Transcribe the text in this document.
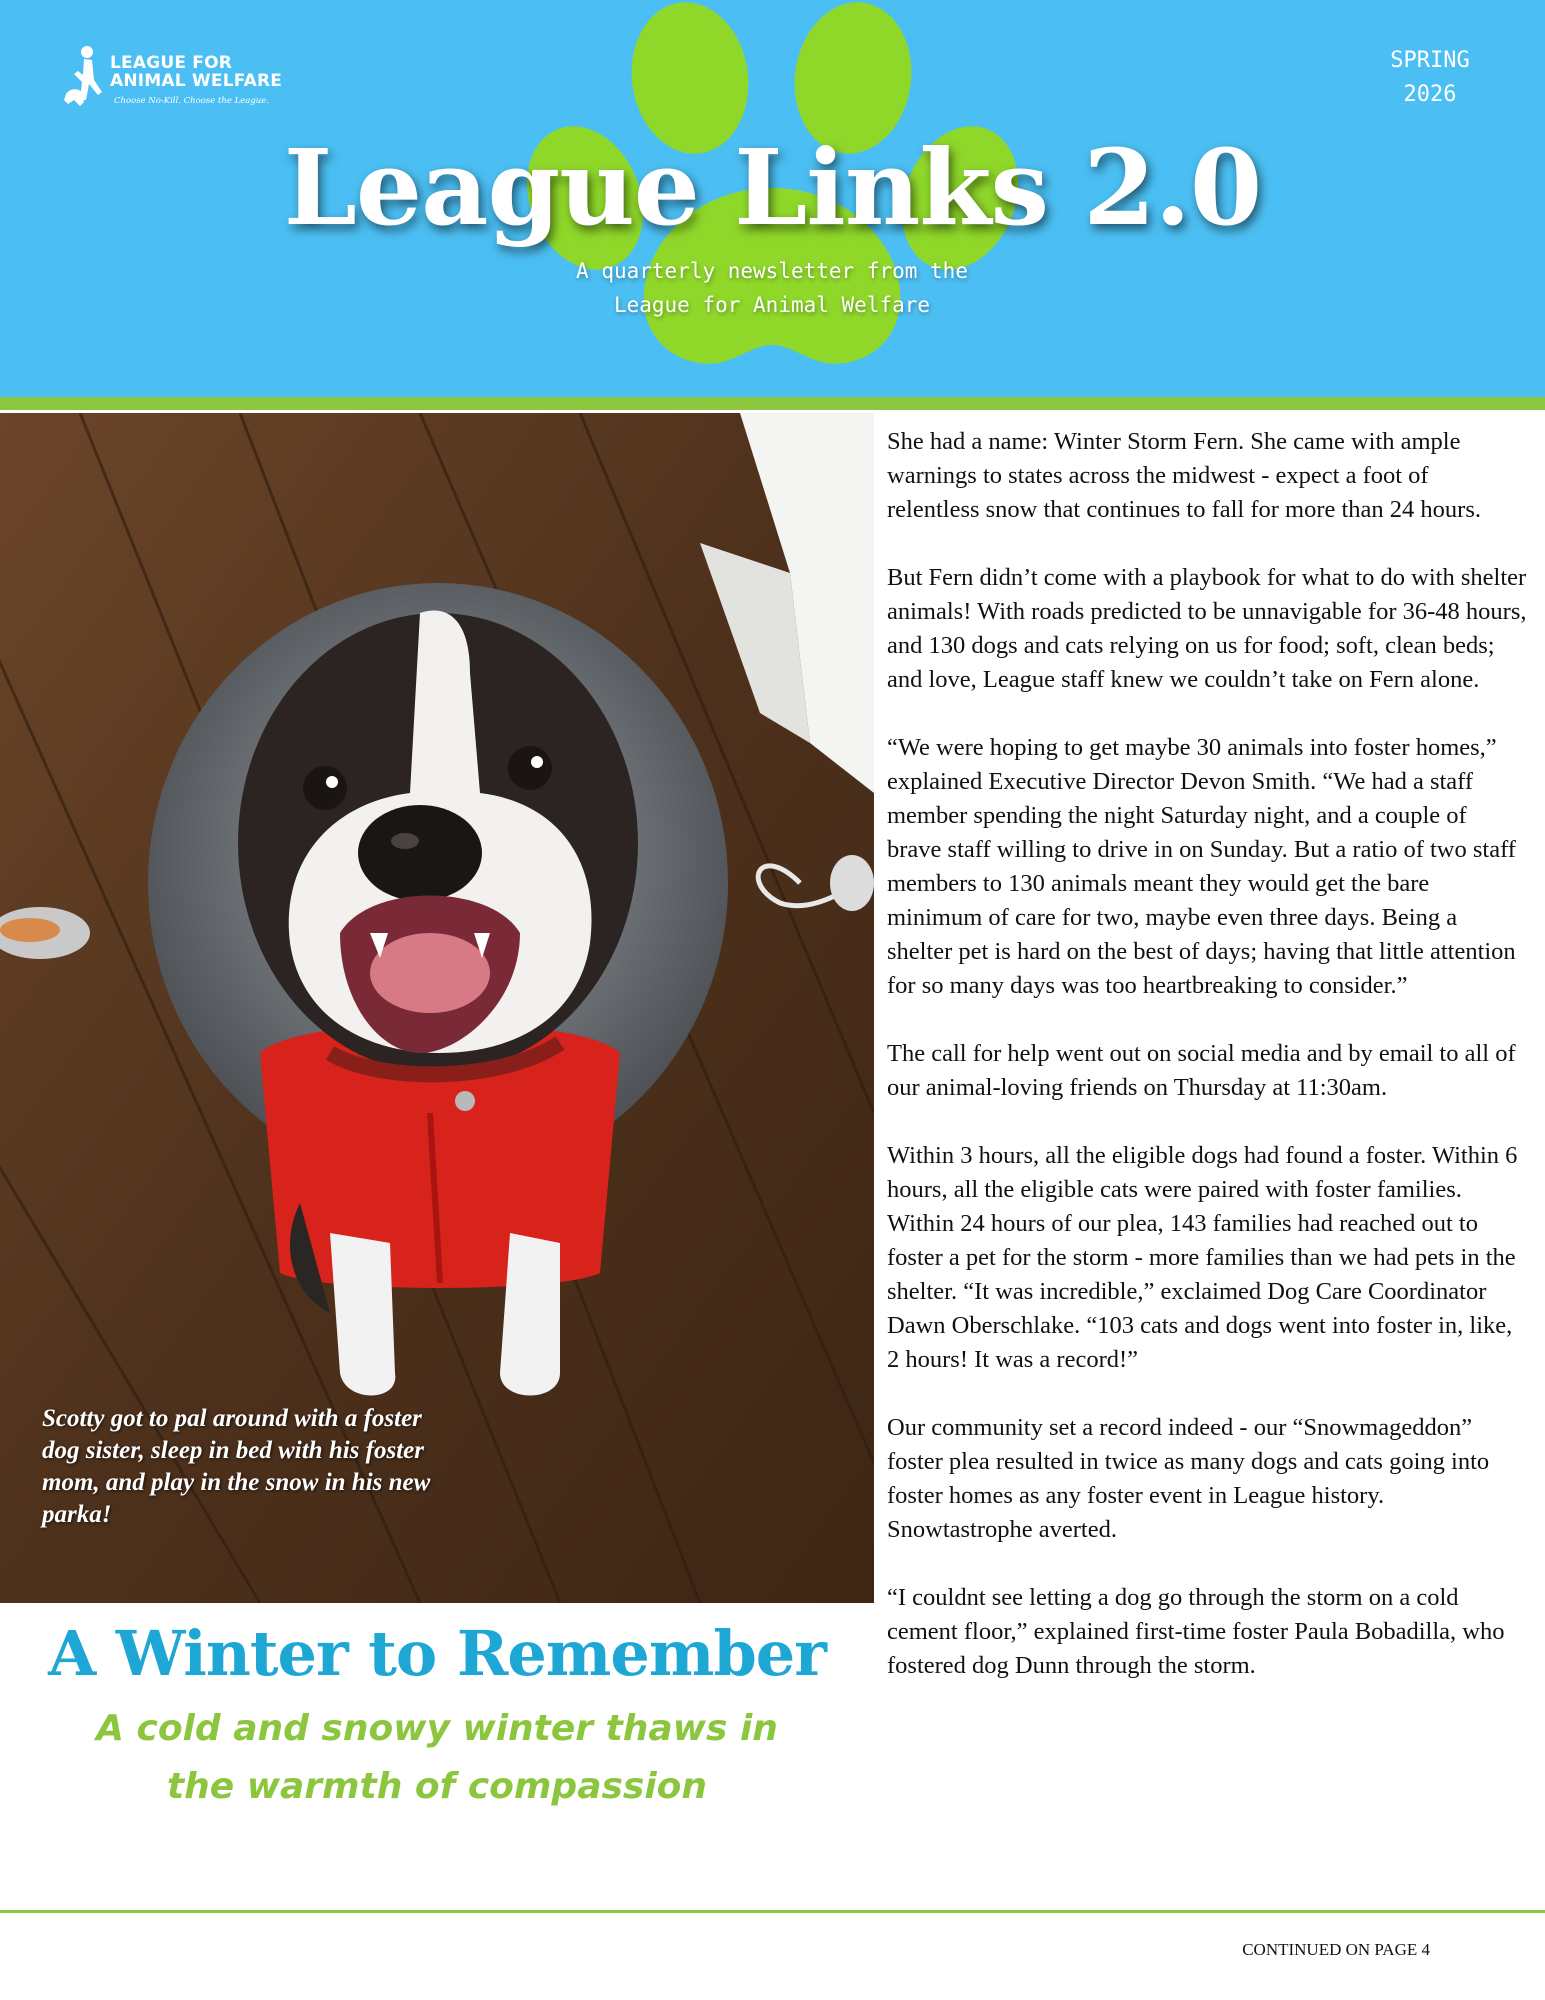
LEAGUE FOR
ANIMAL WELFARE
Choose No-Kill. Choose the League.
SPRING
2026
League Links 2.0
A quarterly newsletter from the
League for Animal Welfare
Scotty got to pal around with a foster dog sister, sleep in bed with his foster mom, and play in the snow in his new parka!
A Winter to Remember
A cold and snowy winter thaws in the warmth of compassion

She had a name: Winter Storm Fern. She came with ample warnings to states across the midwest - expect a foot of relentless snow that continues to fall for more than 24 hours.

But Fern didn’t come with a playbook for what to do with shelter animals! With roads predicted to be unnavigable for 36-48 hours, and 130 dogs and cats relying on us for food; soft, clean beds; and love, League staff knew we couldn’t take on Fern alone.

“We were hoping to get maybe 30 animals into foster homes,” explained Executive Director Devon Smith. “We had a staff member spending the night Saturday night, and a couple of brave staff willing to drive in on Sunday. But a ratio of two staff members to 130 animals meant they would get the bare minimum of care for two, maybe even three days. Being a shelter pet is hard on the best of days; having that little attention for so many days was too heartbreaking to consider.”

The call for help went out on social media and by email to all of our animal-loving friends on Thursday at 11:30am.

Within 3 hours, all the eligible dogs had found a foster. Within 6 hours, all the eligible cats were paired with foster families. Within 24 hours of our plea, 143 families had reached out to foster a pet for the storm - more families than we had pets in the shelter. “It was incredible,” exclaimed Dog Care Coordinator Dawn Oberschlake. “103 cats and dogs went into foster in, like, 2 hours! It was a record!”

Our community set a record indeed - our “Snowmageddon” foster plea resulted in twice as many dogs and cats going into foster homes as any foster event in League history. Snowtastrophe averted.

“I couldnt see letting a dog go through the storm on a cold cement floor,” explained first-time foster Paula Bobadilla, who fostered dog Dunn through the storm.

CONTINUED ON PAGE 4
